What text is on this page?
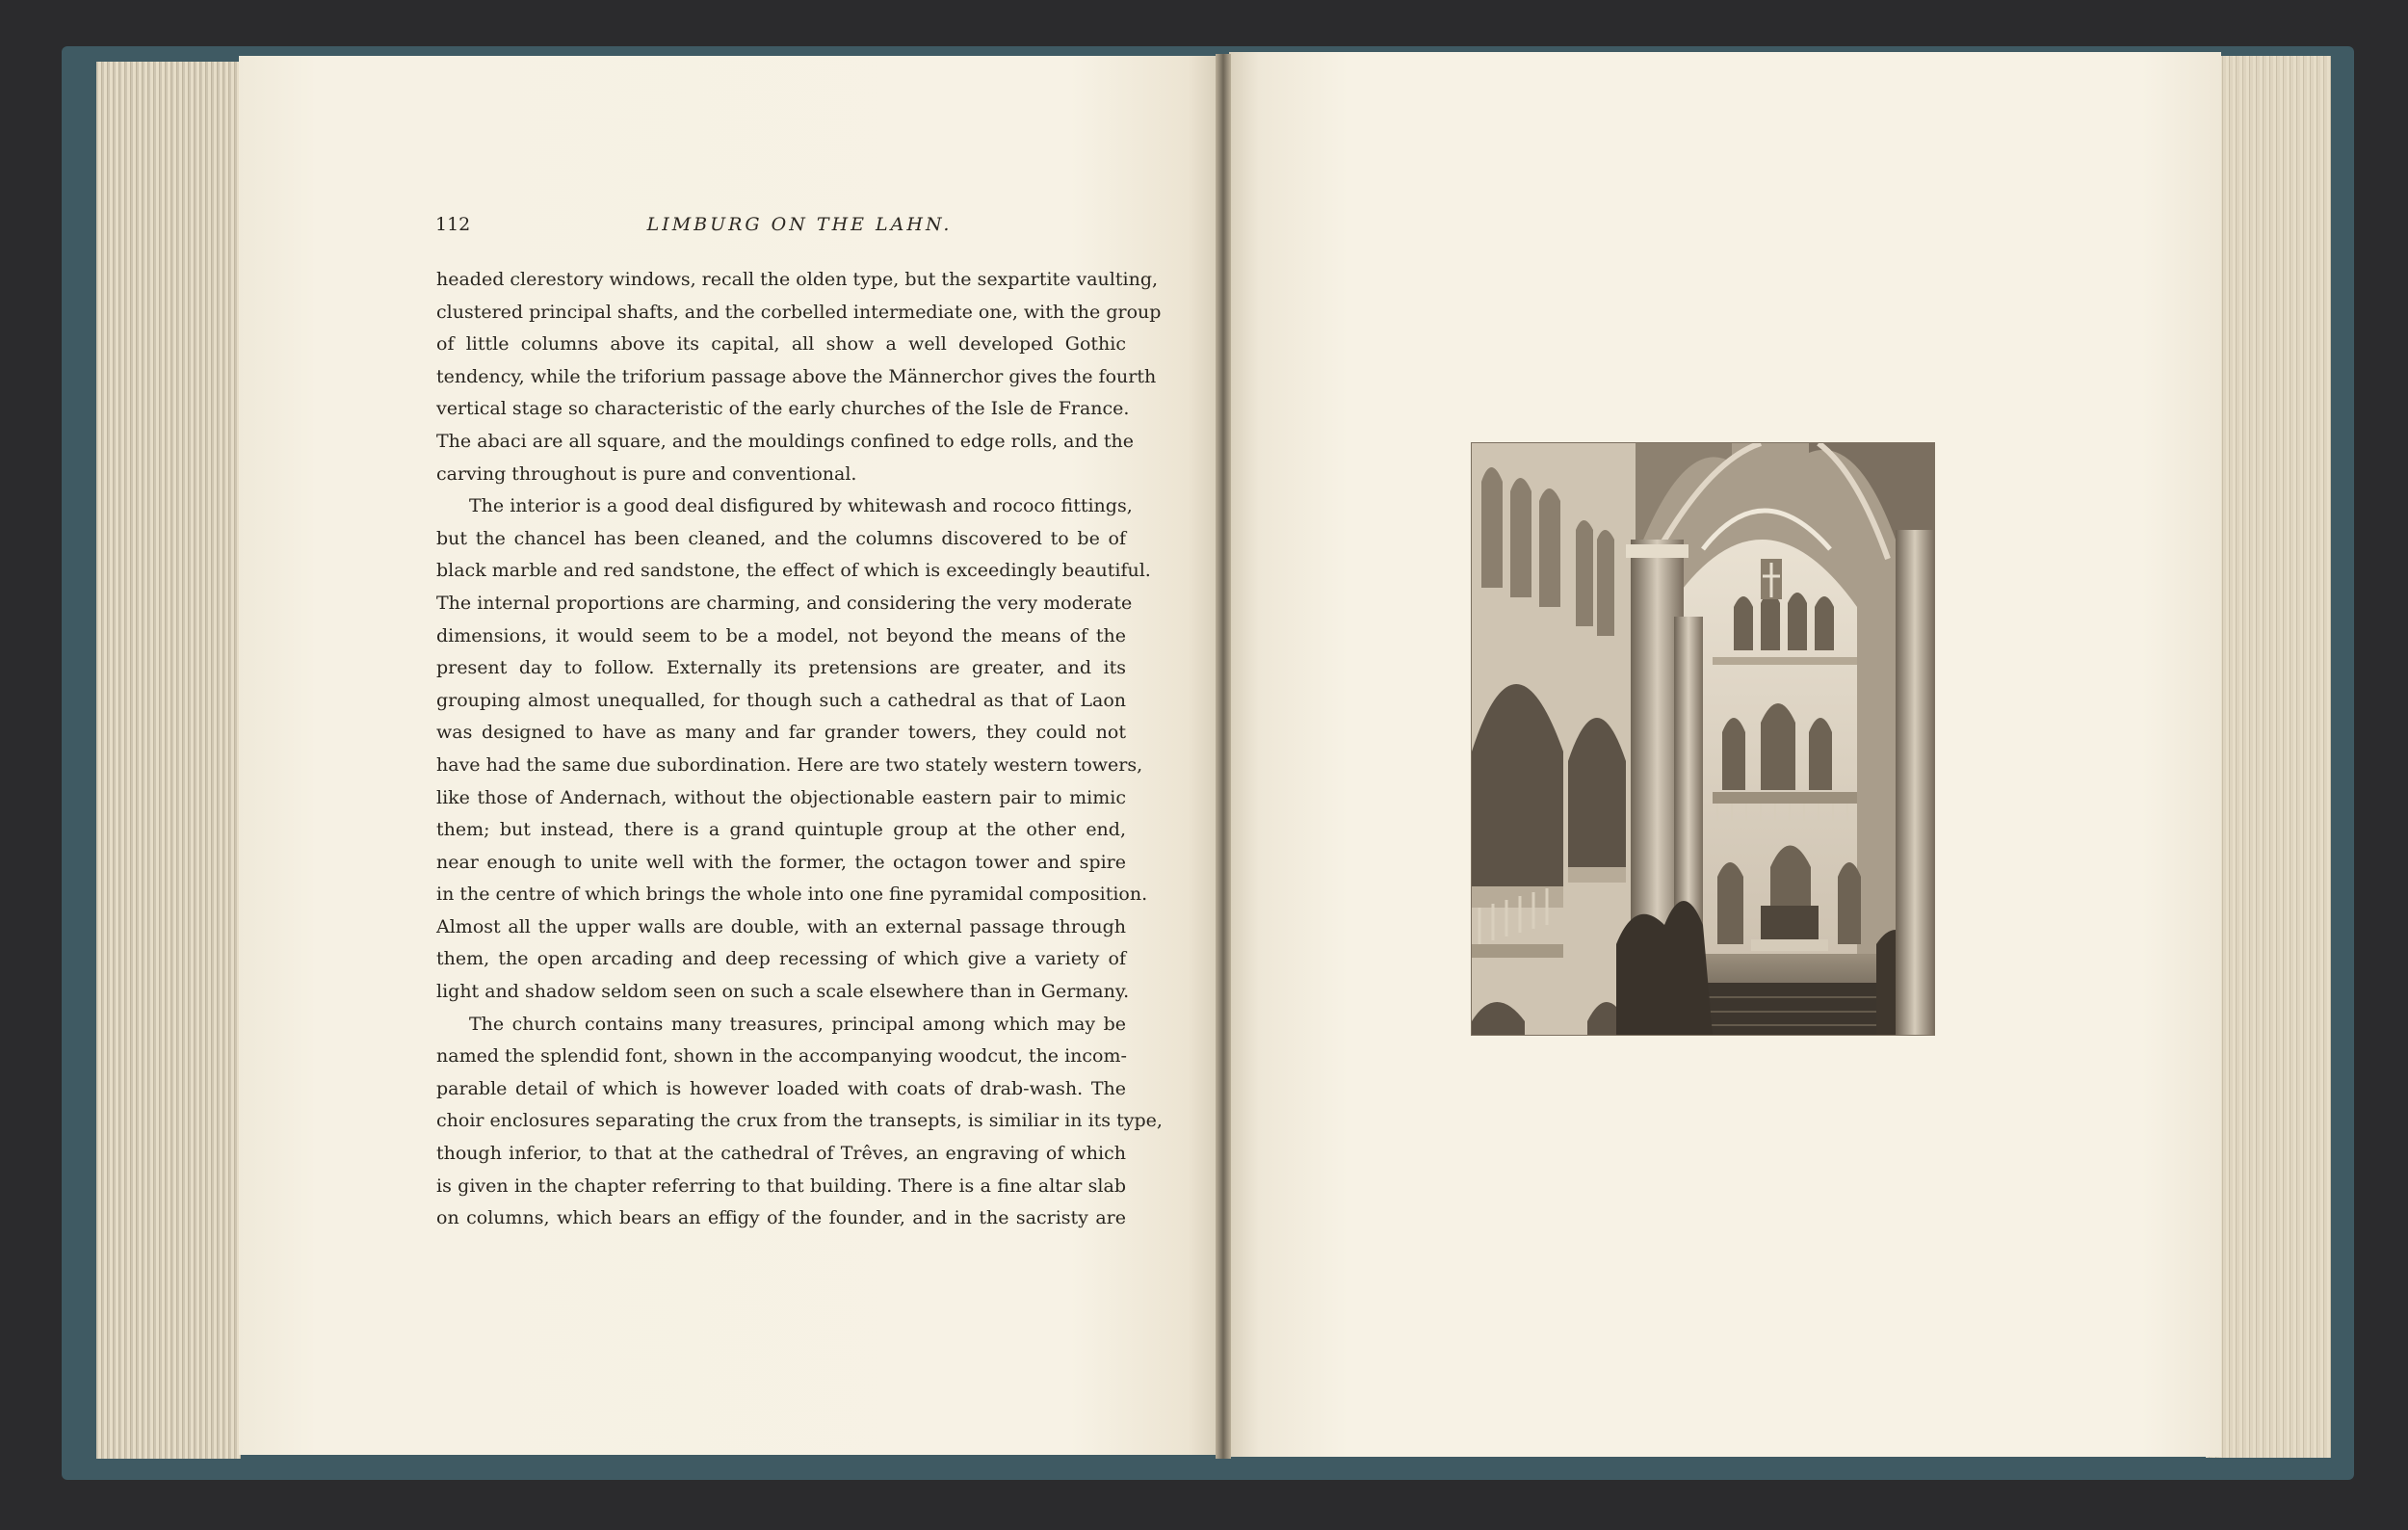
112	LIMBURG ON THE LAHN.
headed clerestory windows, recall the olden type, but the sexpartite vaulting,
clustered principal shafts, and the corbelled intermediate one, with the group
of little columns above its capital, all show a well developed Gothic
tendency, while the triforium passage above the Männerchor gives the fourth
vertical stage so characteristic of the early churches of the Isle de France.
The abaci are all square, and the mouldings confined to edge rolls, and the
carving throughout is pure and conventional.
The interior is a good deal disfigured by whitewash and rococo fittings,
but the chancel has been cleaned, and the columns discovered to be of
black marble and red sandstone, the effect of which is exceedingly beautiful.
The internal proportions are charming, and considering the very moderate
dimensions, it would seem to be a model, not beyond the means of the
present day to follow. Externally its pretensions are greater, and its
grouping almost unequalled, for though such a cathedral as that of Laon
was designed to have as many and far grander towers, they could not
have had the same due subordination. Here are two stately western towers,
like those of Andernach, without the objectionable eastern pair to mimic
them; but instead, there is a grand quintuple group at the other end,
near enough to unite well with the former, the octagon tower and spire
in the centre of which brings the whole into one fine pyramidal composition.
Almost all the upper walls are double, with an external passage through
them, the open arcading and deep recessing of which give a variety of
light and shadow seldom seen on such a scale elsewhere than in Germany.
The church contains many treasures, principal among which may be
named the splendid font, shown in the accompanying woodcut, the incom-
parable detail of which is however loaded with coats of drab-wash. The
choir enclosures separating the crux from the transepts, is similiar in its type,
though inferior, to that at the cathedral of Trêves, an engraving of which
is given in the chapter referring to that building. There is a fine altar slab
on columns, which bears an effigy of the founder, and in the sacristy are
